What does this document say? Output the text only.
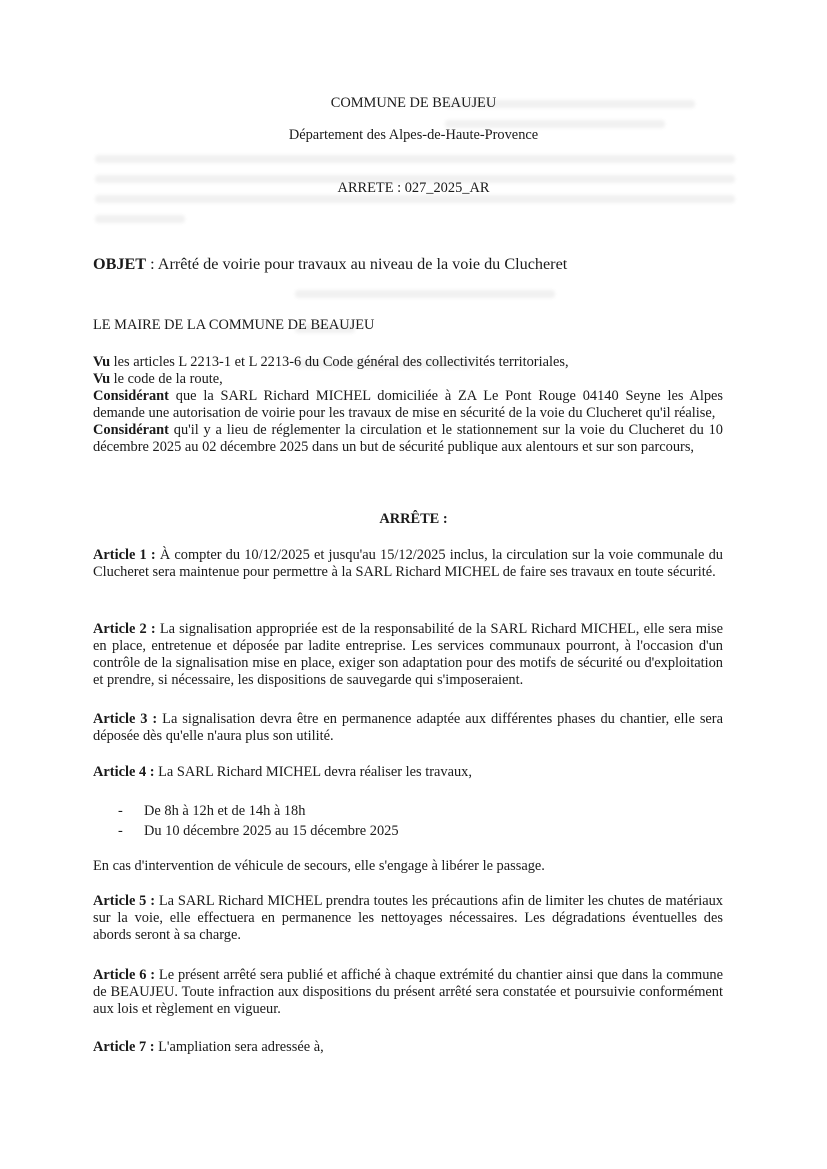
COMMUNE DE BEAUJEU
Département des Alpes-de-Haute-Provence
ARRETE : 027_2025_AR
OBJET : Arrêté de voirie pour travaux au niveau de la voie du Clucheret
LE MAIRE DE LA COMMUNE DE BEAUJEU

Vu les articles L 2213-1 et L 2213-6 du Code général des collectivités territoriales,

Vu le code de la route,

Considérant que la SARL Richard MICHEL domiciliée à ZA Le Pont Rouge 04140 Seyne les Alpes demande une autorisation de voirie pour les travaux de mise en sécurité de la voie du Clucheret qu'il réalise,

Considérant qu'il y a lieu de réglementer la circulation et le stationnement sur la voie du Clucheret du 10 décembre 2025 au 02 décembre 2025 dans un but de sécurité publique aux alentours et sur son parcours,

ARRÊTE :

Article 1 : À compter du 10/12/2025 et jusqu'au 15/12/2025 inclus, la circulation sur la voie communale du Clucheret sera maintenue pour permettre à la SARL Richard MICHEL de faire ses travaux en toute sécurité.

Article 2 : La signalisation appropriée est de la responsabilité de la SARL Richard MICHEL, elle sera mise en place, entretenue et déposée par ladite entreprise. Les services communaux pourront, à l'occasion d'un contrôle de la signalisation mise en place, exiger son adaptation pour des motifs de sécurité ou d'exploitation et prendre, si nécessaire, les dispositions de sauvegarde qui s'imposeraient.

Article 3 : La signalisation devra être en permanence adaptée aux différentes phases du chantier, elle sera déposée dès qu'elle n'aura plus son utilité.

Article 4 : La SARL Richard MICHEL devra réaliser les travaux,

- De 8h à 12h et de 14h à 18h
- Du 10 décembre 2025 au 15 décembre 2025
En cas d'intervention de véhicule de secours, elle s'engage à libérer le passage.

Article 5 : La SARL Richard MICHEL prendra toutes les précautions afin de limiter les chutes de matériaux sur la voie, elle effectuera en permanence les nettoyages nécessaires. Les dégradations éventuelles des abords seront à sa charge.

Article 6 : Le présent arrêté sera publié et affiché à chaque extrémité du chantier ainsi que dans la commune de BEAUJEU. Toute infraction aux dispositions du présent arrêté sera constatée et poursuivie conformément aux lois et règlement en vigueur.

Article 7 : L'ampliation sera adressée à,
